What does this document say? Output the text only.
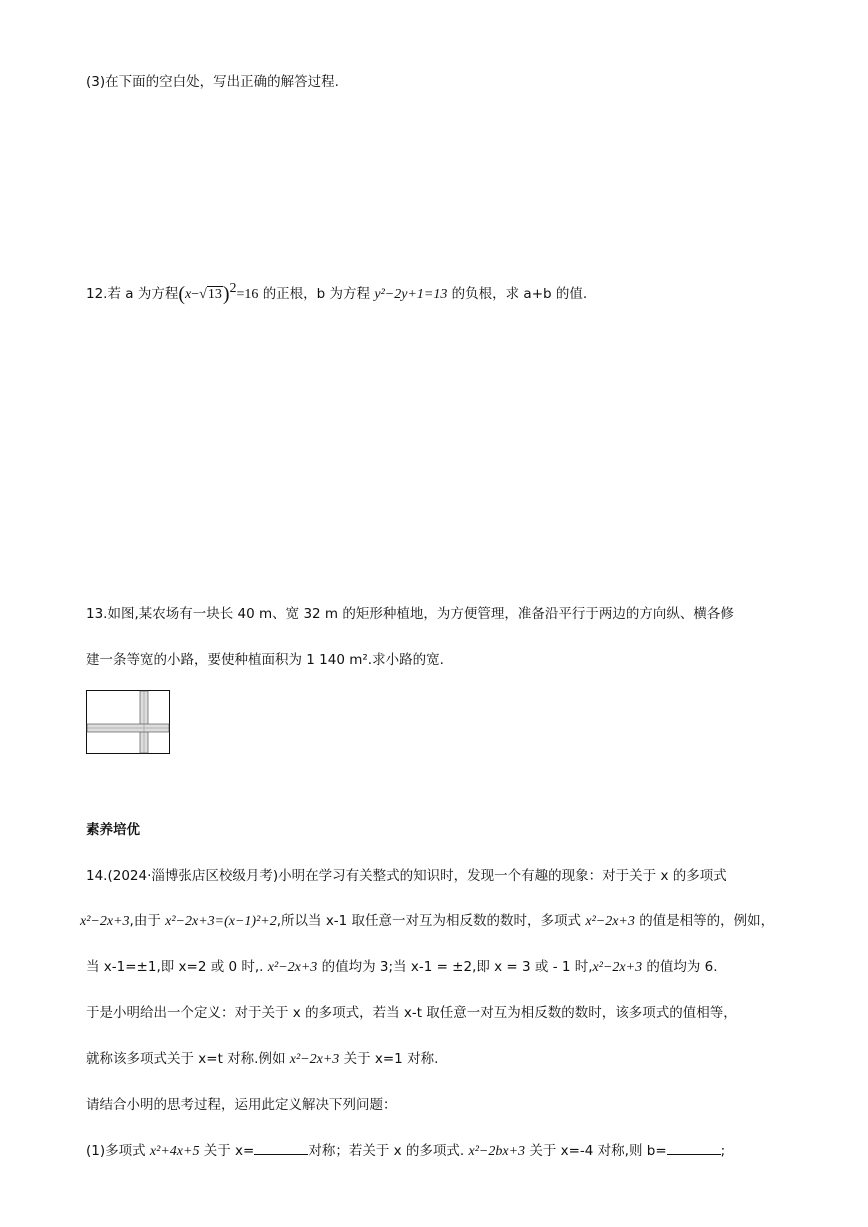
(3)在下面的空白处，写出正确的解答过程.
12.若 a 为方程$(x-√13)^2=16$ 的正根，b 为方程 y²−2y+1=13 的负根，求 a+b 的值.
13.如图,某农场有一块长 40 m、宽 32 m 的矩形种植地，为方便管理，准备沿平行于两边的方向纵、横各修
建一条等宽的小路，要使种植面积为 1 140 m².求小路的宽.
素养培优
14.(2024·淄博张店区校级月考)小明在学习有关整式的知识时，发现一个有趣的现象：对于关于 x 的多项式
x²−2x+3,由于 x²−2x+3=(x−1)²+2,所以当 x-1 取任意一对互为相反数的数时，多项式 x²−2x+3 的值是相等的，例如，
当 x-1=±1,即 x=2 或 0 时,. x²−2x+3 的值均为 3;当 x-1 = ±2,即 x = 3 或 - 1 时,x²−2x+3 的值均为 6.
于是小明给出一个定义：对于关于 x 的多项式，若当 x-t 取任意一对互为相反数的数时，该多项式的值相等，
就称该多项式关于 x=t 对称.例如 x²−2x+3 关于 x=1 对称.
请结合小明的思考过程，运用此定义解决下列问题：
(1)多项式 x²+4x+5 关于 x=	对称；若关于 x 的多项式. x²−2bx+3 关于 x=-4 对称,则 b=	;
